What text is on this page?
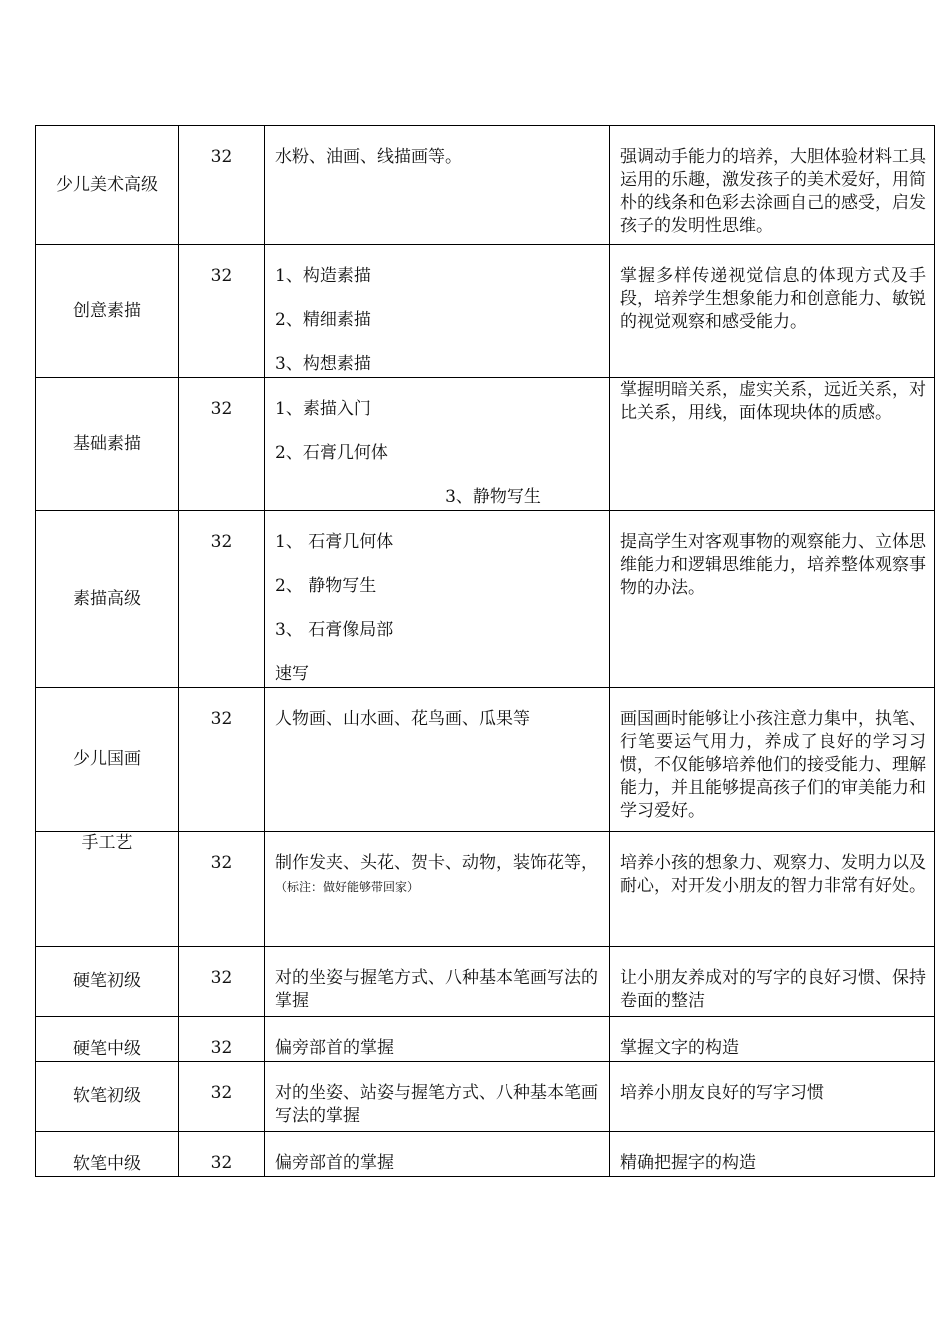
少儿美术高级	32	水粉、油画、线描画等。	强调动手能力的培养，大胆体验材料工具运用的乐趣，激发孩子的美术爱好，用简朴的线条和色彩去涂画自己的感受，启发孩子的发明性思维。

创意素描	32	1、构造素描
2、精细素描
3、构想素描	掌握多样传递视觉信息的体现方式及手段，培养学生想象能力和创意能力、敏锐的视觉观察和感受能力。

基础素描	32	1、素描入门
2、石膏几何体
3、静物写生	掌握明暗关系，虚实关系，远近关系，对比关系，用线，面体现块体的质感。

素描高级	32	1、 石膏几何体
2、 静物写生
3、 石膏像局部
速写	提高学生对客观事物的观察能力、立体思维能力和逻辑思维能力，培养整体观察事物的办法。

少儿国画	32	人物画、山水画、花鸟画、瓜果等	画国画时能够让小孩注意力集中，执笔、行笔要运气用力，养成了良好的学习习惯，不仅能够培养他们的接受能力、理解能力，并且能够提高孩子们的审美能力和学习爱好。

手工艺	32	制作发夹、头花、贺卡、动物，装饰花等，（标注：做好能够带回家）	培养小孩的想象力、观察力、发明力以及耐心，对开发小朋友的智力非常有好处。

硬笔初级	32	对的坐姿与握笔方式、八种基本笔画写法的掌握	让小朋友养成对的写字的良好习惯、保持卷面的整洁

硬笔中级	32	偏旁部首的掌握	掌握文字的构造

软笔初级	32	对的坐姿、站姿与握笔方式、八种基本笔画写法的掌握	培养小朋友良好的写字习惯

软笔中级	32	偏旁部首的掌握	精确把握字的构造
